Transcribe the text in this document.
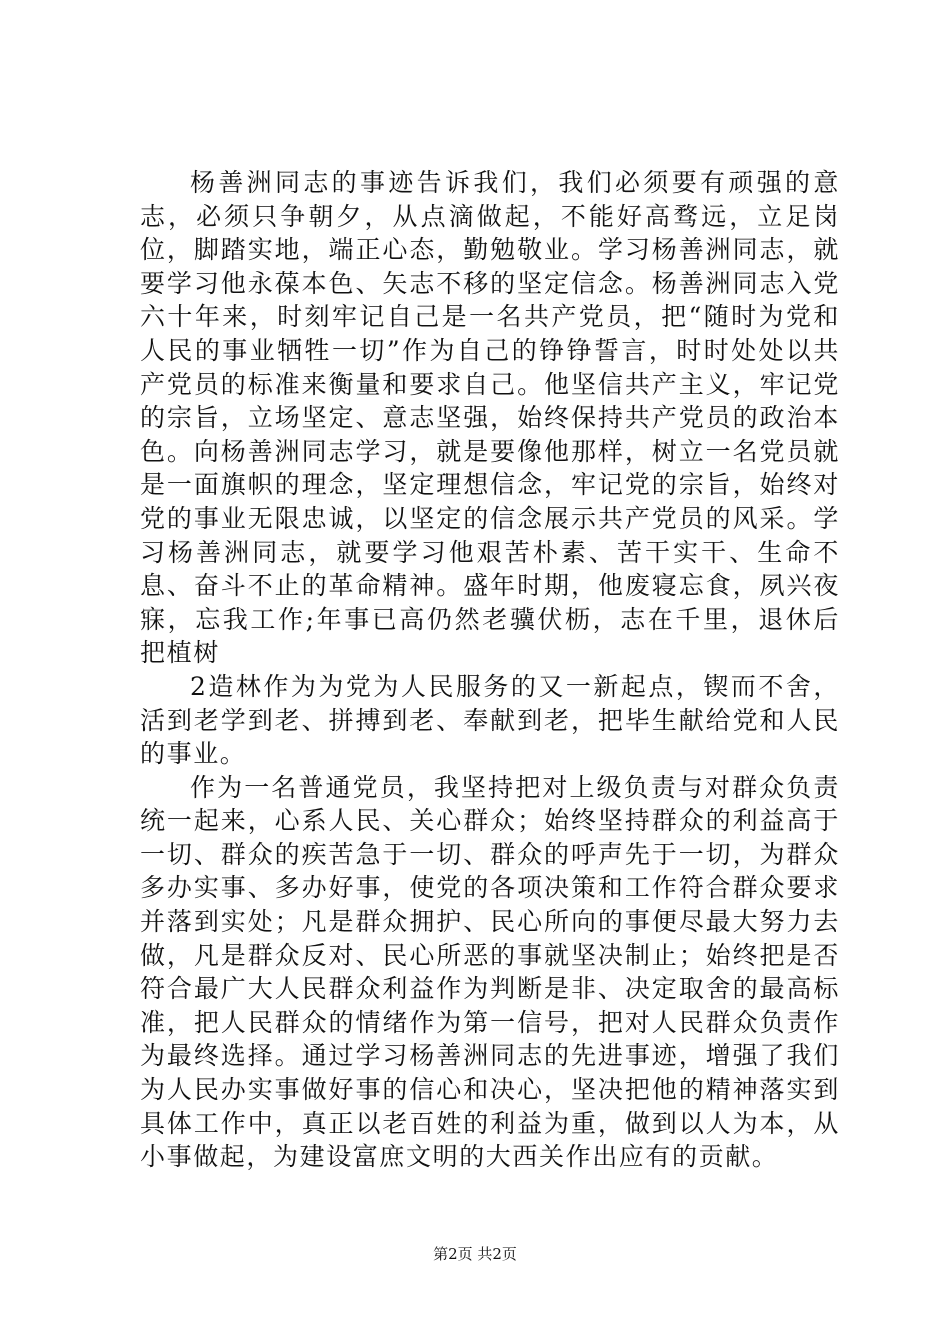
杨善洲同志的事迹告诉我们，我们必须要有顽强的意志，必须只争朝夕，从点滴做起，不能好高骛远，立足岗位，脚踏实地，端正心态，勤勉敬业。学习杨善洲同志，就要学习他永葆本色、矢志不移的坚定信念。杨善洲同志入党六十年来，时刻牢记自己是一名共产党员，把“随时为党和人民的事业牺牲一切”作为自己的铮铮誓言，时时处处以共产党员的标准来衡量和要求自己。他坚信共产主义，牢记党的宗旨，立场坚定、意志坚强，始终保持共产党员的政治本色。向杨善洲同志学习，就是要像他那样，树立一名党员就是一面旗帜的理念，坚定理想信念，牢记党的宗旨，始终对党的事业无限忠诚，以坚定的信念展示共产党员的风采。学习杨善洲同志，就要学习他艰苦朴素、苦干实干、生命不息、奋斗不止的革命精神。盛年时期，他废寝忘食，夙兴夜寐，忘我工作;年事已高仍然老骥伏枥，志在千里，退休后把植树

2造林作为为党为人民服务的又一新起点，锲而不舍，活到老学到老、拼搏到老、奉献到老，把毕生献给党和人民的事业。

作为一名普通党员，我坚持把对上级负责与对群众负责统一起来，心系人民、关心群众；始终坚持群众的利益高于一切、群众的疾苦急于一切、群众的呼声先于一切，为群众多办实事、多办好事，使党的各项决策和工作符合群众要求并落到实处；凡是群众拥护、民心所向的事便尽最大努力去做，凡是群众反对、民心所恶的事就坚决制止；始终把是否符合最广大人民群众利益作为判断是非、决定取舍的最高标准，把人民群众的情绪作为第一信号，把对人民群众负责作为最终选择。通过学习杨善洲同志的先进事迹，增强了我们为人民办实事做好事的信心和决心，坚决把他的精神落实到具体工作中，真正以老百姓的利益为重，做到以人为本，从小事做起，为建设富庶文明的大西关作出应有的贡献。

第2页 共2页
